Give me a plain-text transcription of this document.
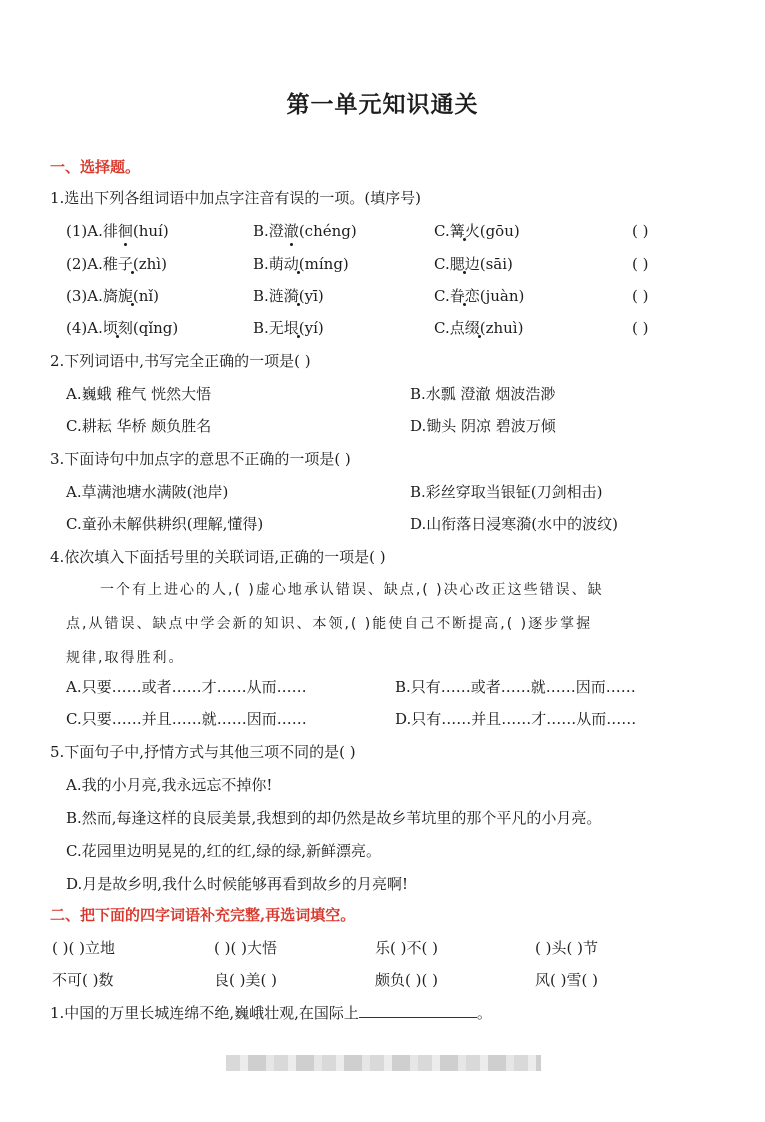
第一单元知识通关
一、选择题。
1.选出下列各组词语中加点字注音有误的一项。(填序号)
(1)A.徘徊(huí)	B.澄澈(chéng)	C.篝火(gōu)	( )
(2)A.稚子(zhì)	B.萌动(míng)	C.腮边(sāi)	( )
(3)A.旖旎(nǐ)	B.涟漪(yī)	C.眷恋(juàn)	( )
(4)A.顷刻(qǐng)	B.无垠(yí)	C.点缀(zhuì)	( )
2.下列词语中,书写完全正确的一项是( )
A.巍蛾 稚气 恍然大悟	B.水瓢 澄澈 烟波浩渺
C.耕耘 华桥 颇负胜名	D.锄头 阴凉 碧波万倾
3.下面诗句中加点字的意思不正确的一项是( )
A.草满池塘水满陂(池岸)	B.彩丝穿取当银钲(刀剑相击)
C.童孙未解供耕织(理解,懂得)	D.山衔落日浸寒漪(水中的波纹)
4.依次填入下面括号里的关联词语,正确的一项是( )
一个有上进心的人,( )虚心地承认错误、缺点,( )决心改正这些错误、缺
点,从错误、缺点中学会新的知识、本领,( )能使自己不断提高,( )逐步掌握
规律,取得胜利。
A.只要……或者……才……从而……	B.只有……或者……就……因而……
C.只要……并且……就……因而……	D.只有……并且……才……从而……
5.下面句子中,抒情方式与其他三项不同的是( )
A.我的小月亮,我永远忘不掉你!
B.然而,每逢这样的良辰美景,我想到的却仍然是故乡苇坑里的那个平凡的小月亮。
C.花园里边明晃晃的,红的红,绿的绿,新鲜漂亮。
D.月是故乡明,我什么时候能够再看到故乡的月亮啊!
二、把下面的四字词语补充完整,再选词填空。
( )( )立地	( )( )大悟	乐( )不( )	( )头( )节
不可( )数	良( )美( )	颇负( )( )	风( )雪( )
1.中国的万里长城连绵不绝,巍峨壮观,在国际上	。
